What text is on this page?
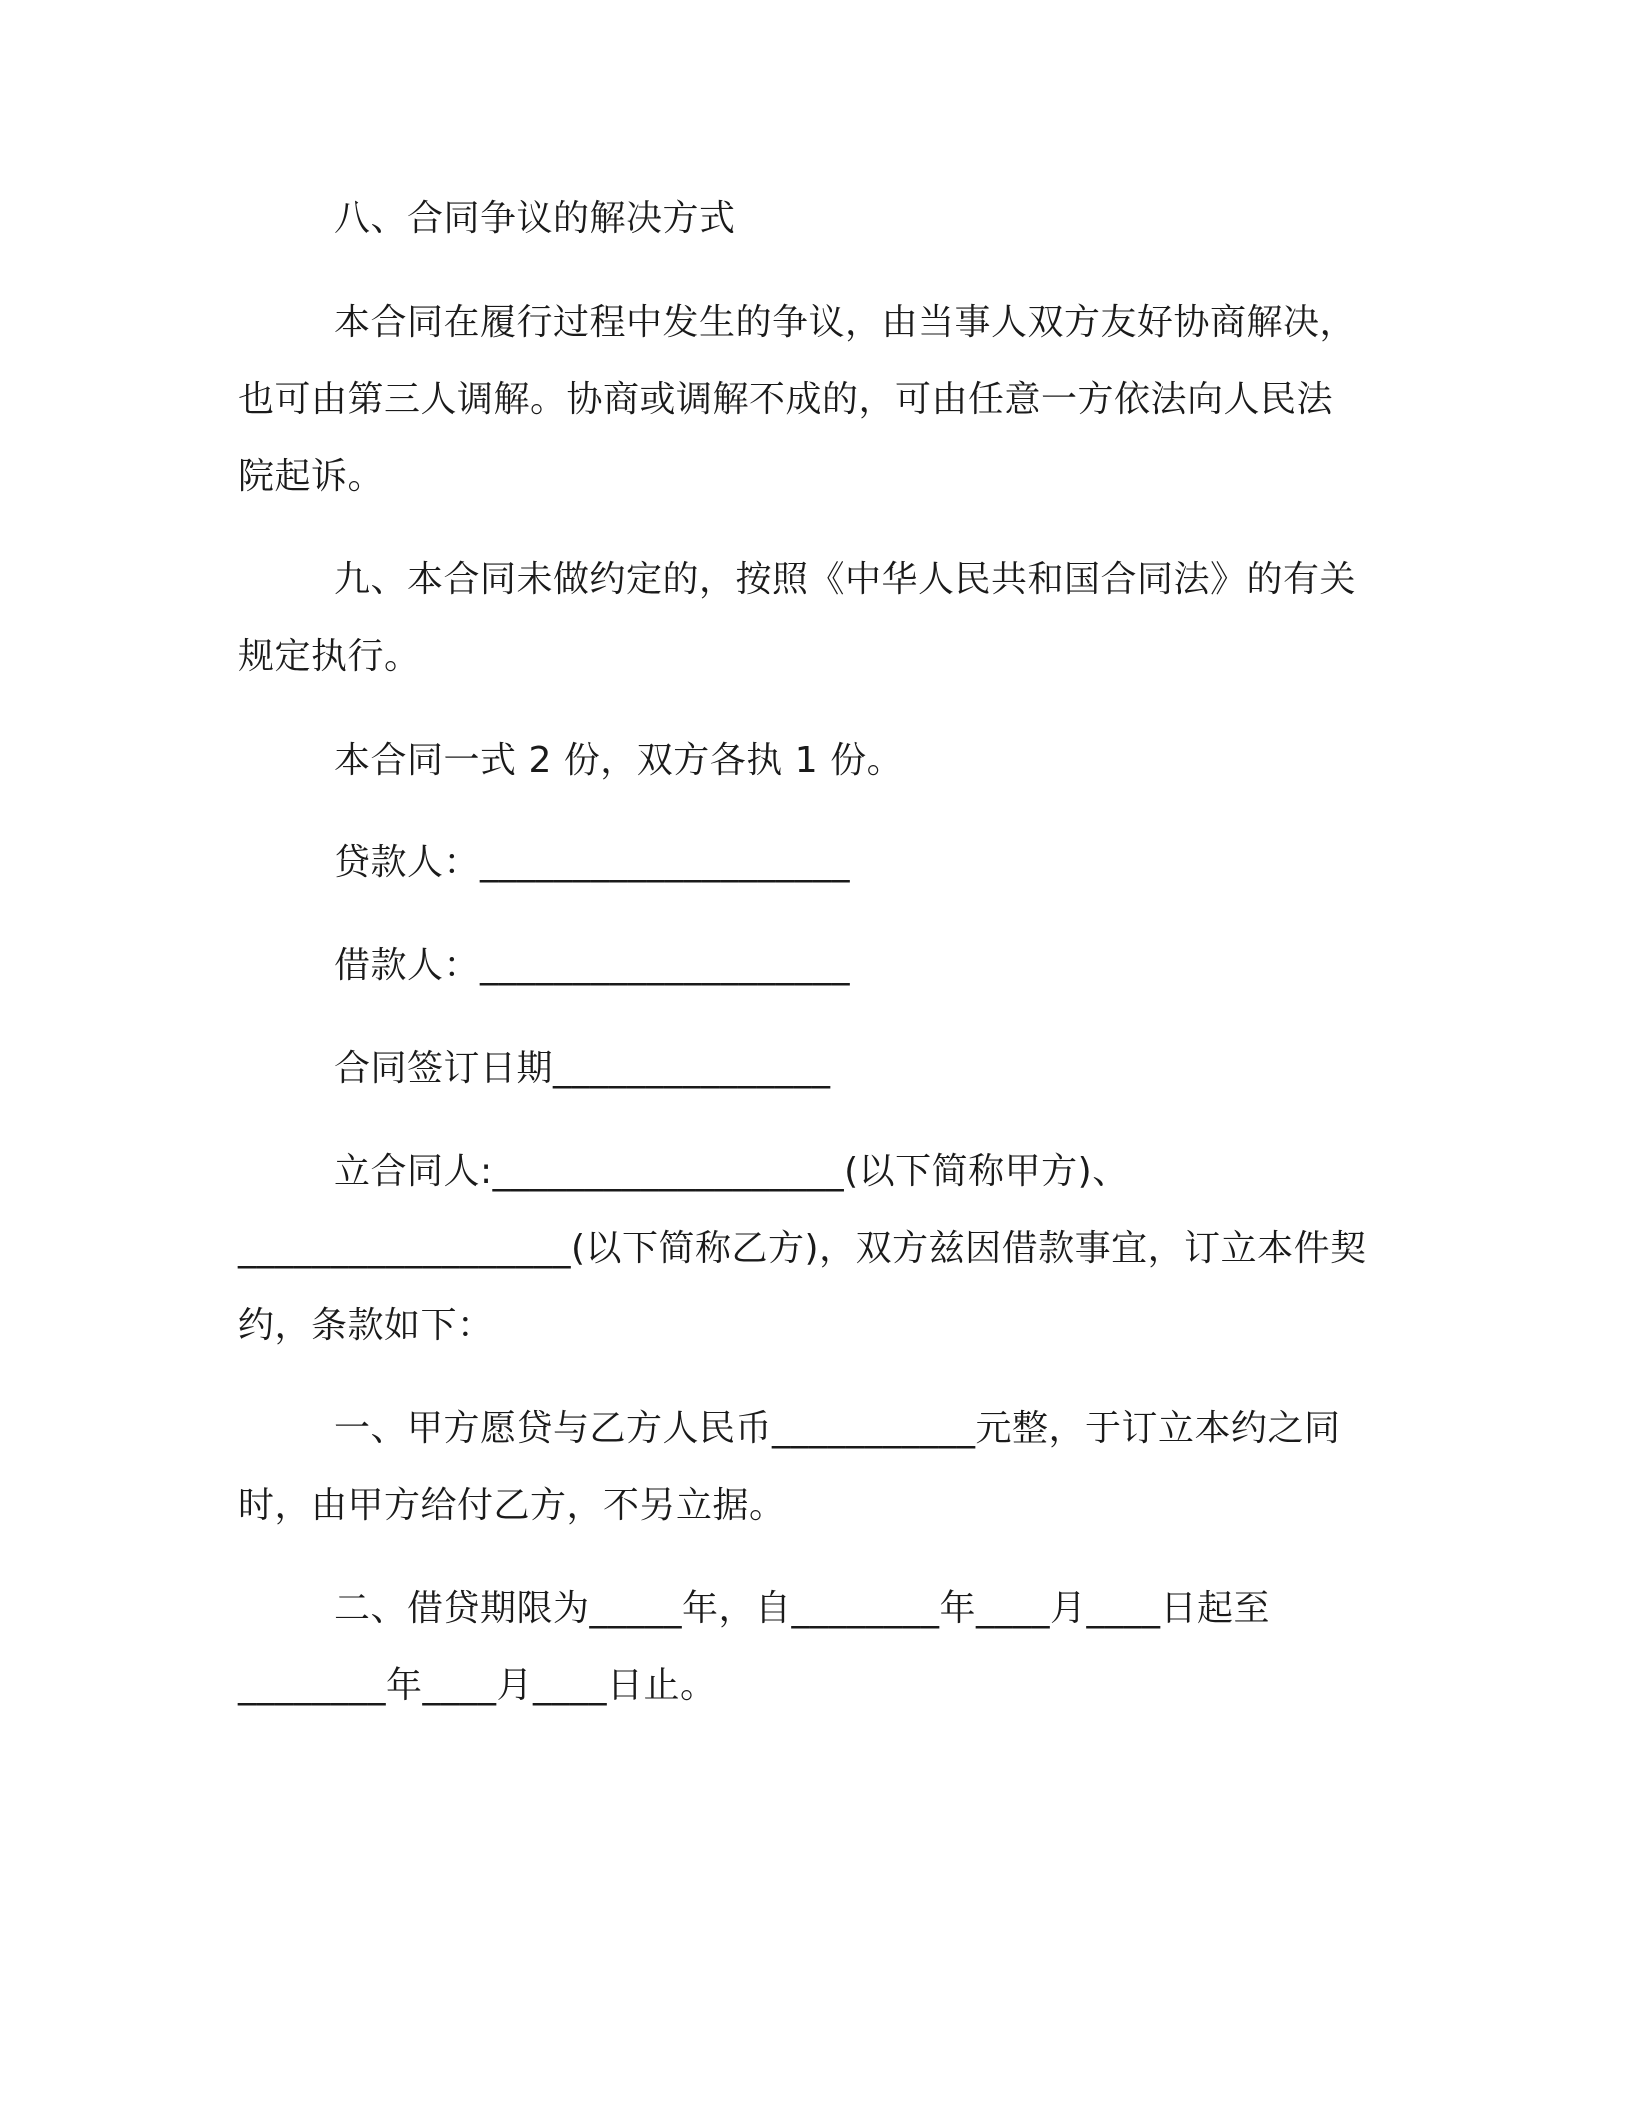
八、合同争议的解决方式
本合同在履行过程中发生的争议，由当事人双方友好协商解决，
也可由第三人调解。协商或调解不成的，可由任意一方依法向人民法
院起诉。
九、本合同未做约定的，按照《中华人民共和国合同法》的有关
规定执行。
本合同一式 2 份，双方各执 1 份。
贷款人：____________________
借款人：____________________
合同签订日期_______________
立合同人:___________________(以下简称甲方)、
__________________(以下简称乙方)，双方兹因借款事宜，订立本件契
约，条款如下：
一、甲方愿贷与乙方人民币___________元整，于订立本约之同
时，由甲方给付乙方，不另立据。
二、借贷期限为_____年，自________年____月____日起至
________年____月____日止。
